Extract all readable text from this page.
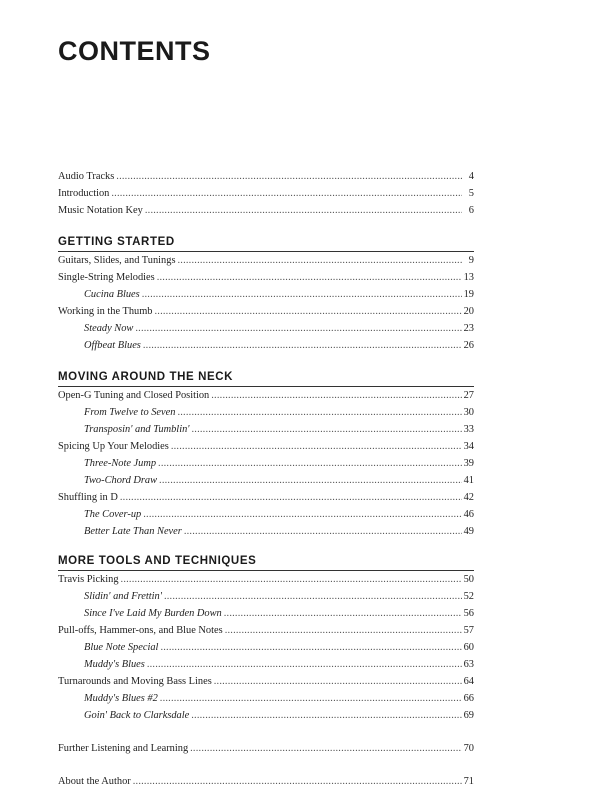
CONTENTS
Audio Tracks . . .	4
Introduction . . .	5
Music Notation Key . . .	6
GETTING STARTED
Guitars, Slides, and Tunings . . .	9
Single-String Melodies . . .	13
Cucina Blues . . .	19
Working in the Thumb . . .	20
Steady Now . . .	23
Offbeat Blues . . .	26
MOVING AROUND THE NECK
Open-G Tuning and Closed Position . . .	27
From Twelve to Seven . . .	30
Transposin' and Tumblin' . . .	33
Spicing Up Your Melodies . . .	34
Three-Note Jump . . .	39
Two-Chord Draw . . .	41
Shuffling in D . . .	42
The Cover-up . . .	46
Better Late Than Never . . .	49
MORE TOOLS AND TECHNIQUES
Travis Picking . . .	50
Slidin' and Frettin' . . .	52
Since I've Laid My Burden Down . . .	56
Pull-offs, Hammer-ons, and Blue Notes . . .	57
Blue Note Special . . .	60
Muddy's Blues . . .	63
Turnarounds and Moving Bass Lines . . .	64
Muddy's Blues #2 . . .	66
Goin' Back to Clarksdale . . .	69
Further Listening and Learning . . .	70
About the Author . . .	71
